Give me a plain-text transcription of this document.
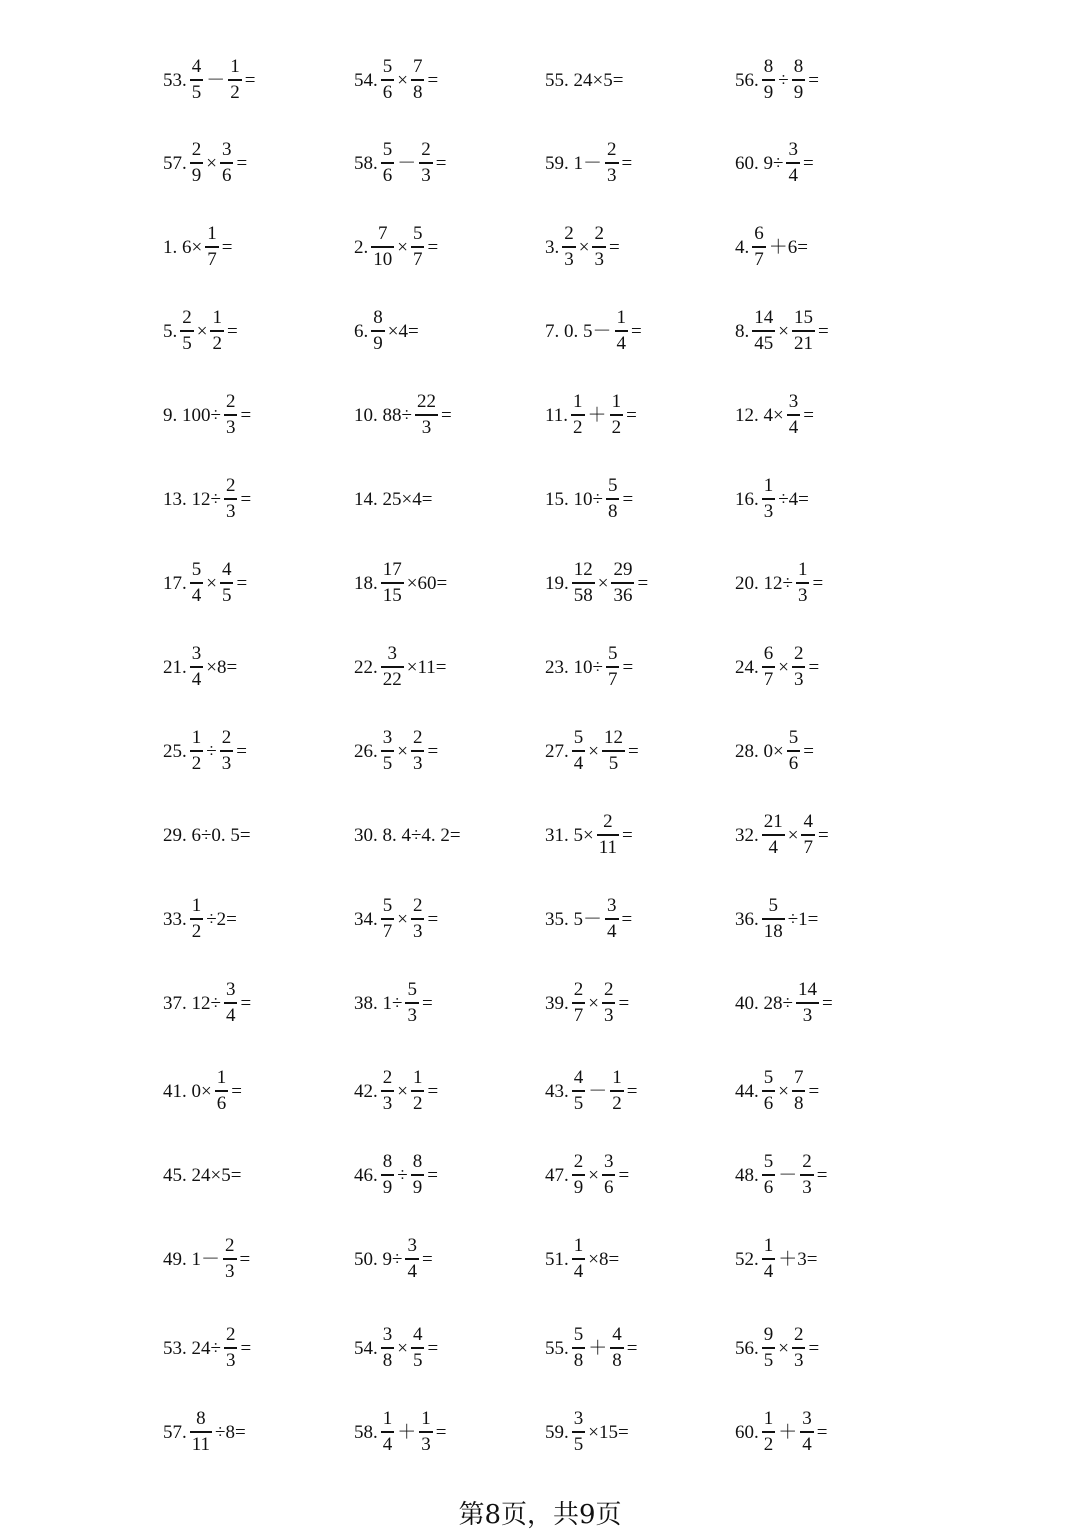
53. $\frac{4}{5} - \frac{1}{2}$ =	54. $\frac{5}{6} \times \frac{7}{8}$ =	55. 24×5=	56. $\frac{8}{9} \div \frac{8}{9}$ =
57. $\frac{2}{9} \times \frac{3}{6}$ =	58. $\frac{5}{6} - \frac{2}{3}$ =	59. $1- \frac{2}{3}$ =	60. $9\div \frac{3}{4}$ =
1. $6\times \frac{1}{7}$ =	2. $\frac{7}{10} \times \frac{5}{7}$ =	3. $\frac{2}{3} \times \frac{2}{3}$ =	4. $\frac{6}{7} +6=$
5. $\frac{2}{5} \times \frac{1}{2}$ =	6. $\frac{8}{9} \times 4=$	7. 0. $5- \frac{1}{4}$ =	8. $\frac{14}{45} \times \frac{15}{21}$ =
9. $100\div \frac{2}{3}$ =	10. $88\div \frac{22}{3}$ =	11. $\frac{1}{2} + \frac{1}{2}$ =	12. $4\times \frac{3}{4}$ =
13. $12\div \frac{2}{3}$ =	14. 25×4=	15. $10\div \frac{5}{8}$ =	16. $\frac{1}{3} \div 4=$
17. $\frac{5}{4} \times \frac{4}{5}$ =	18. $\frac{17}{15} \times 60=$	19. $\frac{12}{58} \times \frac{29}{36}$ =	20. $12\div \frac{1}{3}$ =
21. $\frac{3}{4} \times 8=$	22. $\frac{3}{22} \times 11=$	23. $10\div \frac{5}{7}$ =	24. $\frac{6}{7} \times \frac{2}{3}$ =
25. $\frac{1}{2} \div \frac{2}{3}$ =	26. $\frac{3}{5} \times \frac{2}{3}$ =	27. $\frac{5}{4} \times \frac{12}{5}$ =	28. $0\times \frac{5}{6}$ =
29. 6÷0. 5=	30. 8. 4÷4. 2=	31. $5\times \frac{2}{11}$ =	32. $\frac{21}{4} \times \frac{4}{7}$ =
33. $\frac{1}{2} \div 2=$	34. $\frac{5}{7} \times \frac{2}{3}$ =	35. $5- \frac{3}{4}$ =	36. $\frac{5}{18} \div 1=$
37. $12\div \frac{3}{4}$ =	38. $1\div \frac{5}{3}$ =	39. $\frac{2}{7} \times \frac{2}{3}$ =	40. $28\div \frac{14}{3}$ =
41. $0\times \frac{1}{6}$ =	42. $\frac{2}{3} \times \frac{1}{2}$ =	43. $\frac{4}{5} - \frac{1}{2}$ =	44. $\frac{5}{6} \times \frac{7}{8}$ =
45. 24×5=	46. $\frac{8}{9} \div \frac{8}{9}$ =	47. $\frac{2}{9} \times \frac{3}{6}$ =	48. $\frac{5}{6} - \frac{2}{3}$ =
49. $1- \frac{2}{3}$ =	50. $9\div \frac{3}{4}$ =	51. $\frac{1}{4} \times 8=$	52. $\frac{1}{4} +3=$
53. $24\div \frac{2}{3}$ =	54. $\frac{3}{8} \times \frac{4}{5}$ =	55. $\frac{5}{8} + \frac{4}{8}$ =	56. $\frac{9}{5} \times \frac{2}{3}$ =
57. $\frac{8}{11} \div 8=$	58. $\frac{1}{4} + \frac{1}{3}$ =	59. $\frac{3}{5} \times 15=$	60. $\frac{1}{2} + \frac{3}{4}$ =
第8页，共9页
